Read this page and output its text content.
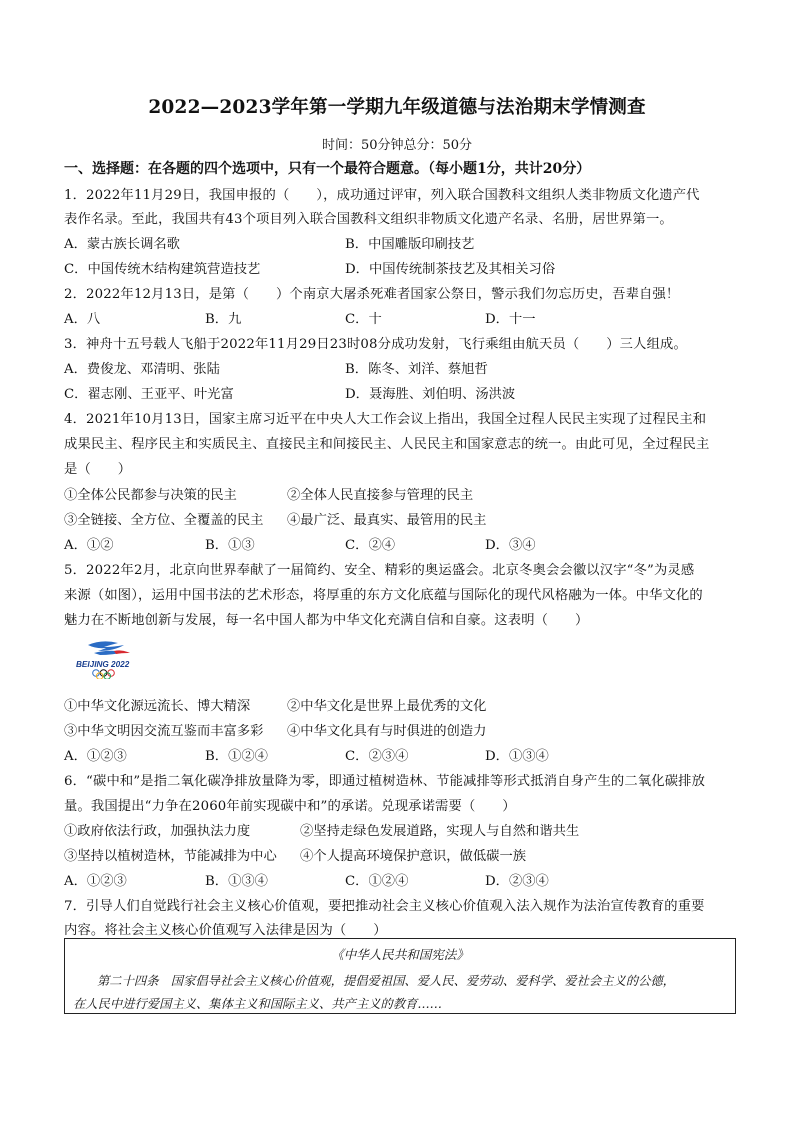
2022—2023学年第一学期九年级道德与法治期末学情测查
时间：50分钟总分：50分
一、选择题：在各题的四个选项中，只有一个最符合题意。（每小题1分，共计20分）
1．2022年11月29日，我国申报的（　　），成功通过评审，列入联合国教科文组织人类非物质文化遗产代
表作名录。至此，我国共有43个项目列入联合国教科文组织非物质文化遗产名录、名册，居世界第一。
A．蒙古族长调名歌	B．中国雕版印刷技艺
C．中国传统木结构建筑营造技艺	D．中国传统制茶技艺及其相关习俗
2．2022年12月13日，是第（　　）个南京大屠杀死难者国家公祭日，警示我们勿忘历史，吾辈自强！
A．八	B．九	C．十	D．十一
3．神舟十五号载人飞船于2022年11月29日23时08分成功发射，飞行乘组由航天员（　　）三人组成。
A．费俊龙、邓清明、张陆	B．陈冬、刘洋、蔡旭哲
C．翟志刚、王亚平、叶光富	D．聂海胜、刘伯明、汤洪波
4．2021年10月13日，国家主席习近平在中央人大工作会议上指出，我国全过程人民民主实现了过程民主和
成果民主、程序民主和实质民主、直接民主和间接民主、人民民主和国家意志的统一。由此可见，全过程民主
是（　　）
①全体公民都参与决策的民主	②全体人民直接参与管理的民主
③全链接、全方位、全覆盖的民主 ④最广泛、最真实、最管用的民主
A．①②	B．①③	C．②④	D．③④
5．2022年2月，北京向世界奉献了一届简约、安全、精彩的奥运盛会。北京冬奥会会徽以汉字“冬”为灵感
来源（如图），运用中国书法的艺术形态，将厚重的东方文化底蕴与国际化的现代风格融为一体。中华文化的
魅力在不断地创新与发展，每一名中国人都为中华文化充满自信和自豪。这表明（　　）
BEIJING 2022
①中华文化源远流长、博大精深	②中华文化是世界上最优秀的文化
③中华文明因交流互鉴而丰富多彩 ④中华文化具有与时俱进的创造力
A．①②③	B．①②④	C．②③④	D．①③④
6．“碳中和”是指二氧化碳净排放量降为零，即通过植树造林、节能减排等形式抵消自身产生的二氧化碳排放
量。我国提出“力争在2060年前实现碳中和”的承诺。兑现承诺需要（　　）
①政府依法行政，加强执法力度	②坚持走绿色发展道路，实现人与自然和谐共生
③坚持以植树造林，节能减排为中心 ④个人提高环境保护意识，做低碳一族
A．①②③	B．①③④	C．①②④	D．②③④
7．引导人们自觉践行社会主义核心价值观，要把推动社会主义核心价值观入法入规作为法治宣传教育的重要
内容。将社会主义核心价值观写入法律是因为（　　）
《中华人民共和国宪法》
第二十四条　国家倡导社会主义核心价值观，提倡爱祖国、爱人民、爱劳动、爱科学、爱社会主义的公德，
在人民中进行爱国主义、集体主义和国际主义、共产主义的教育……
